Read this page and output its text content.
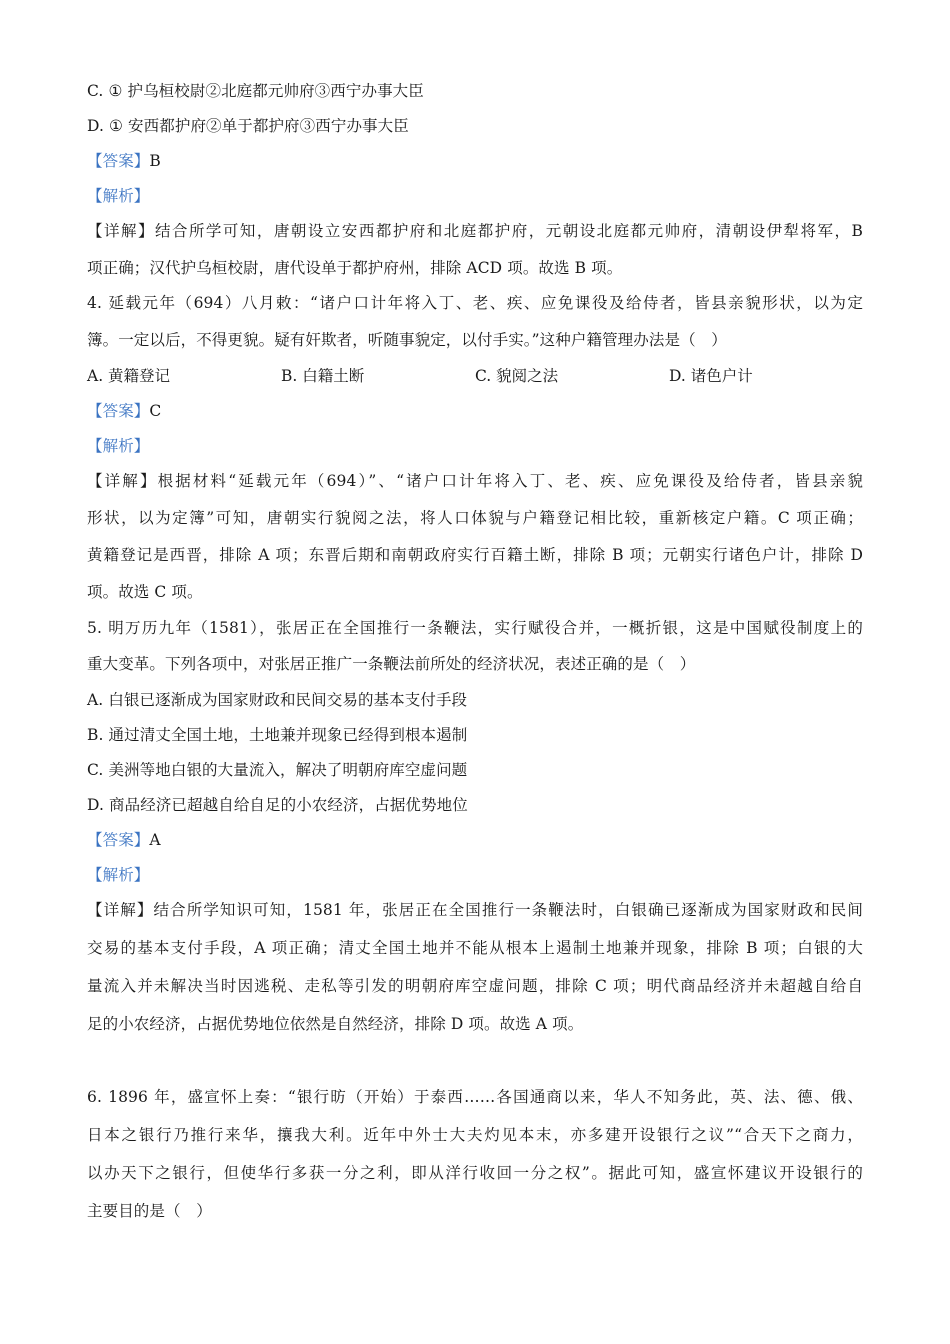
C. ① 护乌桓校尉②北庭都元帅府③西宁办事大臣

D. ① 安西都护府②单于都护府③西宁办事大臣

【答案】B

【解析】

【详解】结合所学可知，唐朝设立安西都护府和北庭都护府，元朝设北庭都元帅府，清朝设伊犁将军，B

项正确；汉代护乌桓校尉，唐代设单于都护府州，排除 ACD 项。故选 B 项。

4. 延载元年（694）八月敕：“诸户口计年将入丁、老、疾、应免课役及给侍者，皆县亲貌形状，以为定

簿。一定以后，不得更貌。疑有奸欺者，听随事貌定，以付手实。”这种户籍管理办法是（　）

A. 黄籍登记	B. 白籍土断	C. 貌阅之法	D. 诸色户计

【答案】C

【解析】

【详解】根据材料“延载元年（694）”、“诸户口计年将入丁、老、疾、应免课役及给侍者，皆县亲貌

形状，以为定簿”可知，唐朝实行貌阅之法，将人口体貌与户籍登记相比较，重新核定户籍。C 项正确；

黄籍登记是西晋，排除 A 项；东晋后期和南朝政府实行百籍土断，排除 B 项；元朝实行诸色户计，排除 D

项。故选 C 项。

5. 明万历九年（1581），张居正在全国推行一条鞭法，实行赋役合并，一概折银，这是中国赋役制度上的

重大变革。下列各项中，对张居正推广一条鞭法前所处的经济状况，表述正确的是（　）

A. 白银已逐渐成为国家财政和民间交易的基本支付手段

B. 通过清丈全国土地，土地兼并现象已经得到根本遏制

C. 美洲等地白银的大量流入，解决了明朝府库空虚问题

D. 商品经济已超越自给自足的小农经济，占据优势地位

【答案】A

【解析】

【详解】结合所学知识可知，1581 年，张居正在全国推行一条鞭法时，白银确已逐渐成为国家财政和民间

交易的基本支付手段，A 项正确；清丈全国土地并不能从根本上遏制土地兼并现象，排除 B 项；白银的大

量流入并未解决当时因逃税、走私等引发的明朝府库空虚问题，排除 C 项；明代商品经济并未超越自给自

足的小农经济，占据优势地位依然是自然经济，排除 D 项。故选 A 项。

6. 1896 年，盛宣怀上奏：“银行昉（开始）于泰西……各国通商以来，华人不知务此，英、法、德、俄、

日本之银行乃推行来华，攘我大利。近年中外士大夫灼见本末，亦多建开设银行之议”“合天下之商力，

以办天下之银行，但使华行多获一分之利，即从洋行收回一分之权”。据此可知，盛宣怀建议开设银行的

主要目的是（　）
